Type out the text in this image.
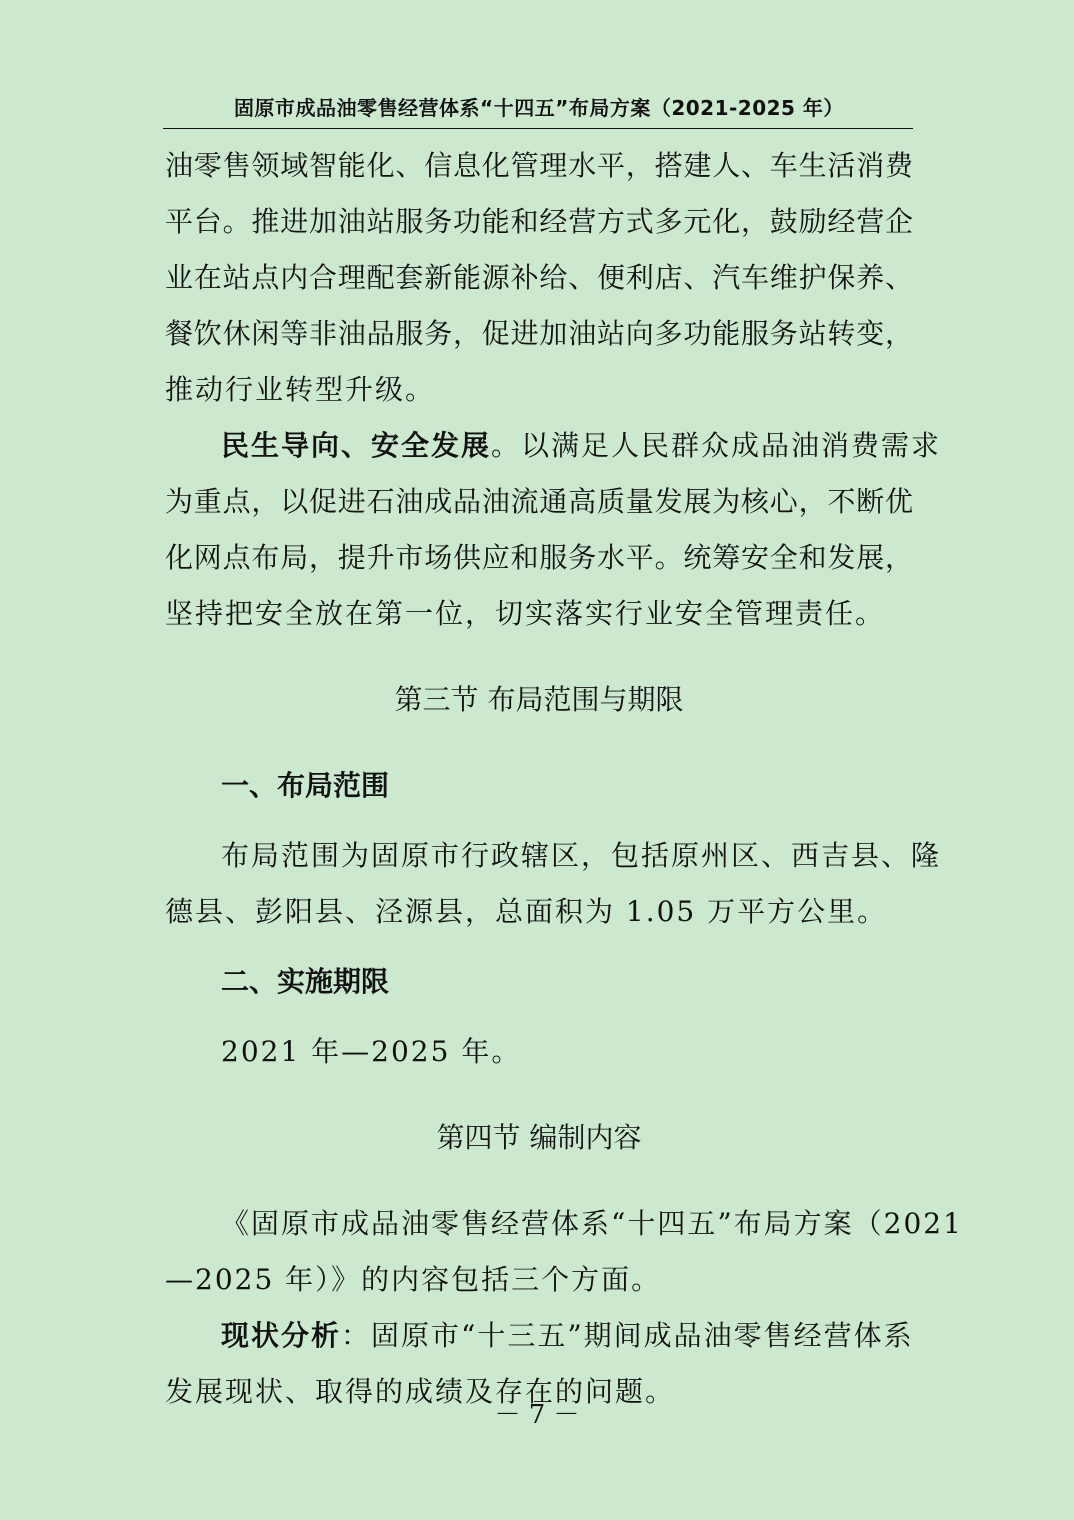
固原市成品油零售经营体系“十四五”布局方案（2021-2025 年）
油零售领域智能化、信息化管理水平，搭建人、车生活消费
平台。推进加油站服务功能和经营方式多元化，鼓励经营企
业在站点内合理配套新能源补给、便利店、汽车维护保养、
餐饮休闲等非油品服务，促进加油站向多功能服务站转变，
推动行业转型升级。
民生导向、安全发展。以满足人民群众成品油消费需求
为重点，以促进石油成品油流通高质量发展为核心，不断优
化网点布局，提升市场供应和服务水平。统筹安全和发展，
坚持把安全放在第一位，切实落实行业安全管理责任。
第三节 布局范围与期限
一、布局范围
布局范围为固原市行政辖区，包括原州区、西吉县、隆
德县、彭阳县、泾源县，总面积为 1.05 万平方公里。
二、实施期限
2021 年—2025 年。
第四节 编制内容
《固原市成品油零售经营体系“十四五”布局方案（2021
—2025 年）》的内容包括三个方面。
现状分析：固原市“十三五”期间成品油零售经营体系
发展现状、取得的成绩及存在的问题。
－ 7 －
